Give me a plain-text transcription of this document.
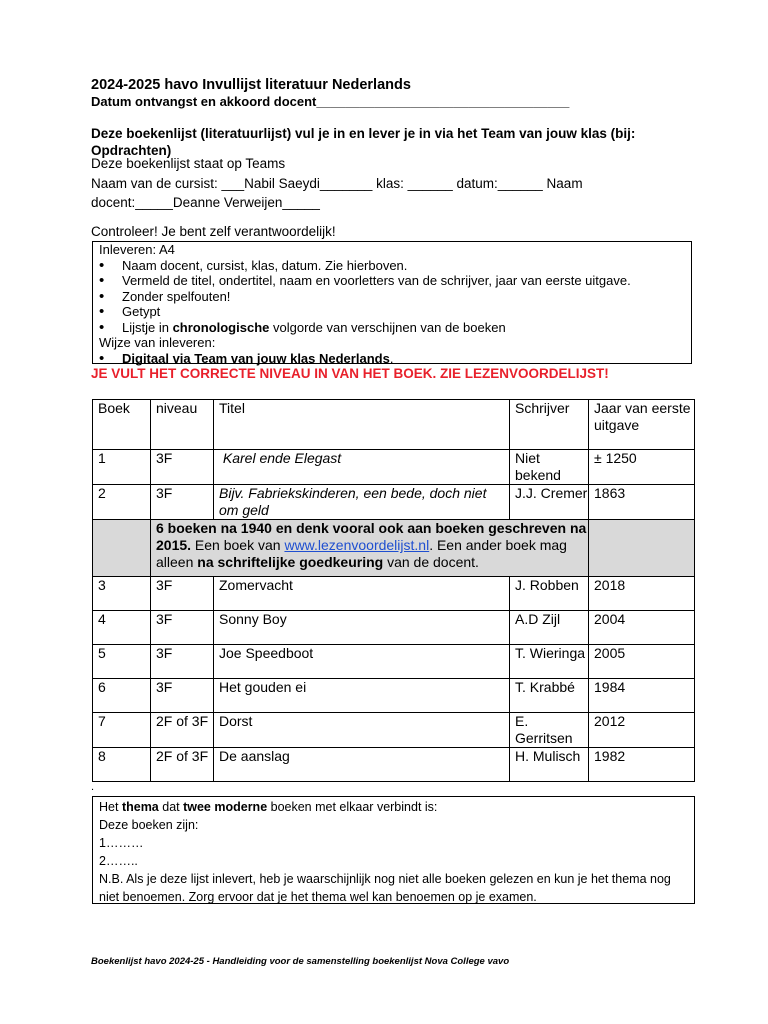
2024-2025 havo Invullijst literatuur Nederlands
Datum ontvangst en akkoord docent___________________________________
Deze boekenlijst (literatuurlijst) vul je in en lever je in via het Team van jouw klas (bij: Opdrachten)
Deze boekenlijst staat op Teams
Naam van de cursist: ___Nabil Saeydi_______ klas: ______ datum:______ Naam docent:_____Deanne Verweijen_____
Controleer! Je bent zelf verantwoordelijk!
Inleveren: A4
• Naam docent, cursist, klas, datum. Zie hierboven.
• Vermeld de titel, ondertitel, naam en voorletters van de schrijver, jaar van eerste uitgave.
• Zonder spelfouten!
• Getypt
• Lijstje in chronologische volgorde van verschijnen van de boeken
Wijze van inleveren:
• Digitaal via Team van jouw klas Nederlands.
JE VULT HET CORRECTE NIVEAU IN VAN HET BOEK. ZIE LEZENVOORDELIJST!
Boek	niveau	Titel	Schrijver	Jaar van eerste uitgave
1	3F	Karel ende Elegast	Niet bekend	± 1250
2	3F	Bijv. Fabriekskinderen, een bede, doch niet om geld	J.J. Cremer	1863
	6 boeken na 1940 en denk vooral ook aan boeken geschreven na 2015. Een boek van www.lezenvoordelijst.nl. Een ander boek mag alleen na schriftelijke goedkeuring van de docent.			
3	3F	Zomervacht	J. Robben	2018
4	3F	Sonny Boy	A.D Zijl	2004
5	3F	Joe Speedboot	T. Wieringa	2005
6	3F	Het gouden ei	T. Krabbé	1984
7	2F of 3F	Dorst	E. Gerritsen	2012
8	2F of 3F	De aanslag	H. Mulisch	1982
.
Het thema dat twee moderne boeken met elkaar verbindt is:
Deze boeken zijn:
1………
2……..
N.B. Als je deze lijst inlevert, heb je waarschijnlijk nog niet alle boeken gelezen en kun je het thema nog niet benoemen. Zorg ervoor dat je het thema wel kan benoemen op je examen.
Boekenlijst havo 2024-25 - Handleiding voor de samenstelling boekenlijst Nova College vavo
